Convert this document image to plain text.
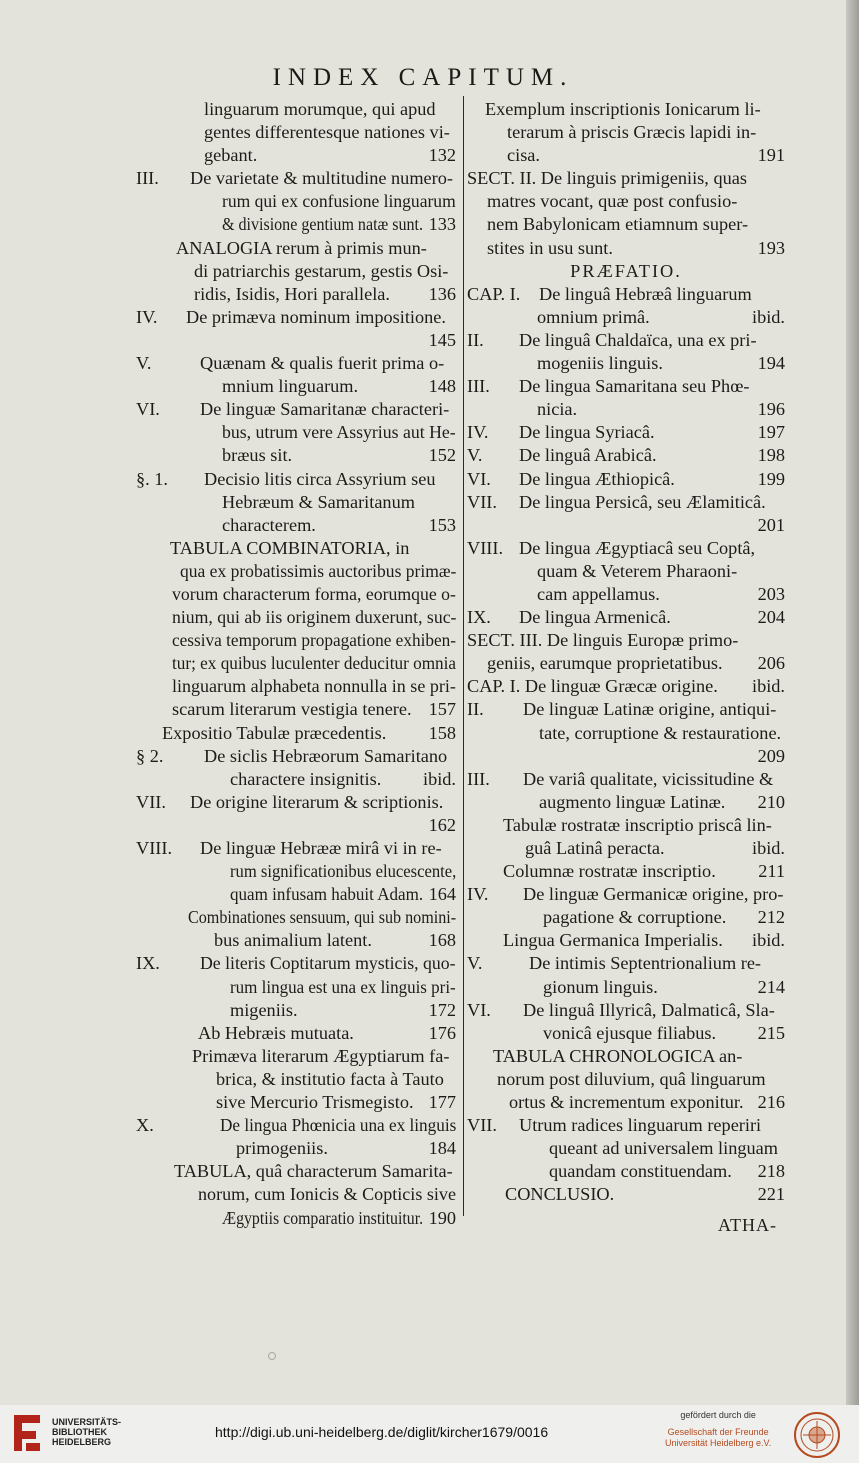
INDEX CAPITUM.
linguarum morumque, qui apud
gentes differentesque nationes vi-
gebant.	132
III. De varietate & multitudine numero-
rum qui ex confusione linguarum
& divisione gentium natæ sunt. 133
ANALOGIA rerum à primis mun-
di patriarchis gestarum, gestis Osi-
ridis, Isidis, Hori parallela. 136
IV. De primæva nominum impositione.
145
V.	Quænam & qualis fuerit prima o-
mnium linguarum.	148
VI. De linguæ Samaritanæ characteri-
bus, utrum vere Assyrius aut He-
bræus sit.	152
§. 1. Decisio litis circa Assyrium seu
Hebræum & Samaritanum
characterem.	153
TABULA COMBINATORIA, in
qua ex probatissimis auctoribus primæ-
vorum characterum forma, eorumque o-
nium, qui ab iis originem duxerunt, suc-
cessiva temporum propagatione exhiben-
tur; ex quibus luculenter deducitur omnia
linguarum alphabeta nonnulla in se pri-
scarum literarum vestigia tenere. 157
Expositio Tabulæ præcedentis. 158
§ 2. De siclis Hebræorum Samaritano
charactere insignitis. ibid.
VII. De origine literarum & scriptionis.
162
VIII. De linguæ Hebrææ mirâ vi in re-
rum significationibus elucescente,
quam infusam habuit Adam. 164
Combinationes sensuum, qui sub nomini-
bus animalium latent.	168
IX. De literis Coptitarum mysticis, quo-
rum lingua est una ex linguis pri-
migeniis.	172
Ab Hebræis mutuata.	176
Primæva literarum Ægyptiarum fa-
brica, & institutio facta à Tauto
sive Mercurio Trismegisto. 177
X.	De lingua Phœnicia una ex linguis
primogeniis.	184
TABULA, quâ characterum Samarita-
norum, cum Ionicis & Copticis sive
Ægyptiis comparatio instituitur. 190
Exemplum inscriptionis Ionicarum li-
terarum à priscis Græcis lapidi in-
cisa.	191
SECT. II. De linguis primigeniis, quas
matres vocant, quæ post confusio-
nem Babylonicam etiamnum super-
stites in usu sunt.	193
PRÆFATIO.
CAP. I. De linguâ Hebræâ linguarum
omnium primâ.	ibid.
II. De linguâ Chaldaïca, una ex pri-
mogeniis linguis.	194
III. De lingua Samaritana seu Phœ-
nicia.	196
IV. De lingua Syriacâ.	197
V. De linguâ Arabicâ.	198
VI. De lingua Æthiopicâ.	199
VII. De lingua Persicâ, seu Ælamiticâ.
201
VIII. De lingua Ægyptiacâ seu Coptâ,
quam & Veterem Pharaoni-
cam appellamus.	203
IX. De lingua Armenicâ.	204
SECT. III. De linguis Europæ primo-
geniis, earumque proprietatibus. 206
CAP. I. De linguæ Græcæ origine. ibid.
II. De linguæ Latinæ origine, antiqui-
tate, corruptione & restauratione.
209
III. De variâ qualitate, vicissitudine &
augmento linguæ Latinæ. 210
Tabulæ rostratæ inscriptio priscâ lin-
guâ Latinâ peracta.	ibid.
Columnæ rostratæ inscriptio. 211
IV. De linguæ Germanicæ origine, pro-
pagatione & corruptione. 212
Lingua Germanica Imperialis. ibid.
V.	De intimis Septentrionalium re-
gionum linguis.	214
VI. De linguâ Illyricâ, Dalmaticâ, Sla-
vonicâ ejusque filiabus. 215
TABULA CHRONOLOGICA an-
norum post diluvium, quâ linguarum
ortus & incrementum exponitur. 216
VII. Utrum radices linguarum reperiri
queant ad universalem linguam
quandam constituendam. 218
CONCLUSIO.	221
ATHA-
UNIVERSITÄTS-
BIBLIOTHEK
HEIDELBERG
http://digi.ub.uni-heidelberg.de/diglit/kircher1679/0016
gefördert durch die
Gesellschaft der Freunde
Universität Heidelberg e.V.
